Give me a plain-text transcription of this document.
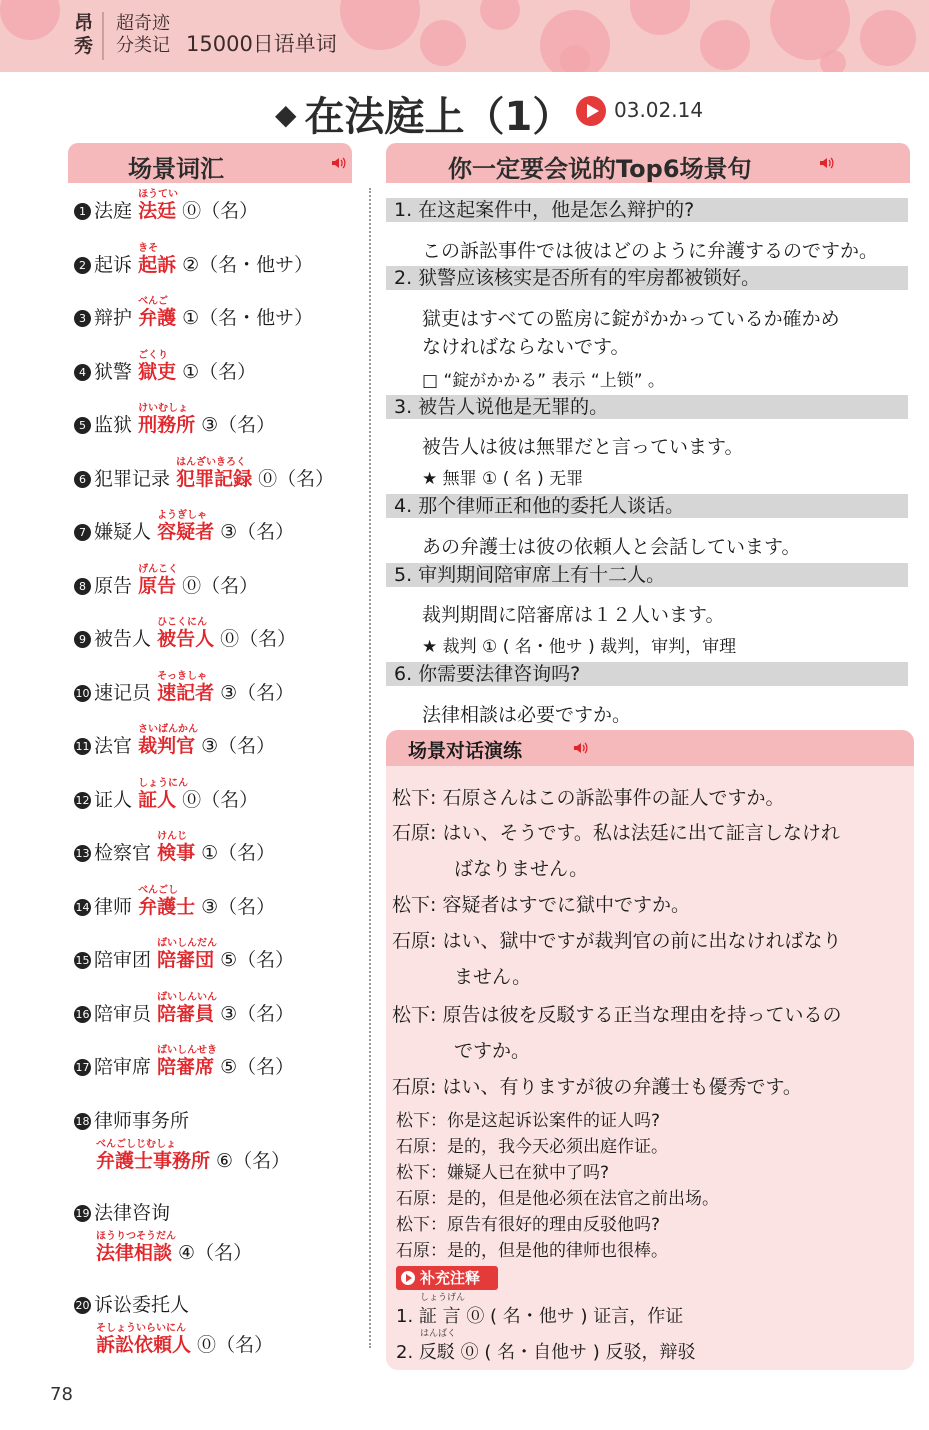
昂秀
超奇迹
分类记 15000日语单词
◆ 在法庭上（1） 03.02.14
场景词汇
1 法庭 法廷
ほうてい
⓪（名）
2 起诉 起訴
きそ
②（名・他サ）
3 辩护 弁護
べんご
①（名・他サ）
4 狱警 獄吏
ごくり
①（名）
5 监狱 刑務所
けいむしょ
③（名）
6 犯罪记录 犯罪記録
はんざいきろく
⓪（名）
7 嫌疑人 容疑者
ようぎしゃ
③（名）
8 原告 原告
げんこく
⓪（名）
9 被告人 被告人
ひこくにん
⓪（名）
10 速记员 速記者
そっきしゃ
③（名）
11 法官 裁判官
さいばんかん
③（名）
12 证人 証人
しょうにん
⓪（名）
13 检察官 検事
けんじ
①（名）
14 律师 弁護士
べんごし
③（名）
15 陪审团 陪審団
ばいしんだん
⑤（名）
16 陪审员 陪審員
ばいしんいん
③（名）
17 陪审席 陪審席
ばいしんせき
⑤（名）
18 律师事务所
弁護士事務所
べんごしじむしょ
⑥（名）
19 法律咨询
法律相談
ほうりつそうだん
④（名）
20 诉讼委托人
訴訟依頼人
そしょういらいにん
⓪（名）
你一定要会说的Top6场景句
1. 在这起案件中，他是怎么辩护的?
この訴訟事件では彼はどのように弁護するのですか。
2. 狱警应该核实是否所有的牢房都被锁好。
獄吏はすべての監房に錠がかかっているか確かめ
なければならないです。
□ “錠がかかる” 表示 “上锁” 。
3. 被告人说他是无罪的。
被告人は彼は無罪だと言っています。
★ 無罪 ① ( 名 ) 无罪
4. 那个律师正和他的委托人谈话。
あの弁護士は彼の依頼人と会話しています。
5. 审判期间陪审席上有十二人。
裁判期間に陪審席は１２人います。
★ 裁判 ① ( 名・他サ ) 裁判，审判，审理
6. 你需要法律咨询吗?
法律相談は必要ですか。
场景对话演练
松下: 石原さんはこの訴訟事件の証人ですか。
石原: はい、そうです。私は法廷に出て証言しなけれ
ばなりません。
松下: 容疑者はすでに獄中ですか。
石原: はい、獄中ですが裁判官の前に出なければなり
ません。
松下: 原告は彼を反駁する正当な理由を持っているの
ですか。
石原: はい、有りますが彼の弁護士も優秀です。
松下：你是这起诉讼案件的证人吗?
石原：是的，我今天必须出庭作证。
松下：嫌疑人已在狱中了吗?
石原：是的，但是他必须在法官之前出场。
松下：原告有很好的理由反驳他吗?
石原：是的，但是他的律师也很棒。
补充注释
しょうげん
1. 証 言 ⓪ ( 名・他サ ) 证言，作证
はんばく
2. 反駁 ⓪ ( 名・自他サ ) 反驳，辩驳
78
